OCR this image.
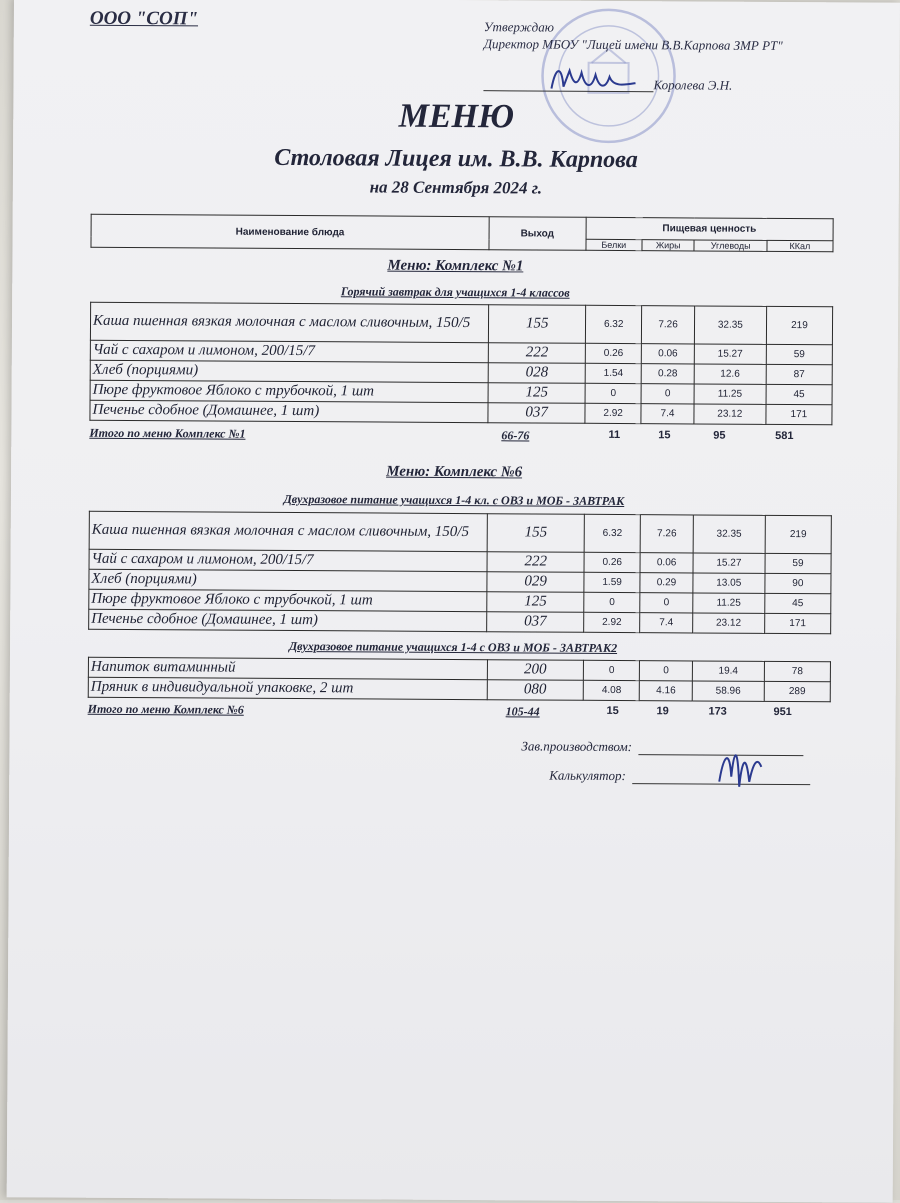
ООО "СОП"	Утверждаю
Директор МБОУ "Лицей имени В.В.Карпова ЗМР РТ"
Королева Э.Н.
МЕНЮ
Столовая Лицея им. В.В. Карпова
на 28 Сентября 2024 г.
Наименование блюда	Выход	Пищевая ценность			
		Белки	Жиры	Углеводы	ККал
Меню: Комплекс №1
Горячий завтрак для учащихся 1-4 классов
Каша пшенная вязкая молочная с маслом сливочным, 150/5	155	6.32	7.26	32.35	219
Чай с сахаром и лимоном, 200/15/7	222	0.26	0.06	15.27	59
Хлеб (порциями)	028	1.54	0.28	12.6	87
Пюре фруктовое Яблоко с трубочкой, 1 шт	125	0	0	11.25	45
Печенье сдобное (Домашнее, 1 шт)	037	2.92	7.4	23.12	171
Итого по меню Комплекс №1	66-76	11	15	95	581
Меню: Комплекс №6
Двухразовое питание учащихся 1-4 кл. с ОВЗ и МОБ - ЗАВТРАК
Каша пшенная вязкая молочная с маслом сливочным, 150/5	155	6.32	7.26	32.35	219
Чай с сахаром и лимоном, 200/15/7	222	0.26	0.06	15.27	59
Хлеб (порциями)	029	1.59	0.29	13.05	90
Пюре фруктовое Яблоко с трубочкой, 1 шт	125	0	0	11.25	45
Печенье сдобное (Домашнее, 1 шт)	037	2.92	7.4	23.12	171
Двухразовое питание учащихся 1-4 с ОВЗ и МОБ - ЗАВТРАК2
Напиток витаминный	200	0	0	19.4	78
Пряник в индивидуальной упаковке, 2 шт	080	4.08	4.16	58.96	289
Итого по меню Комплекс №6	105-44	15	19	173	951
Зав.производством:
Калькулятор:
